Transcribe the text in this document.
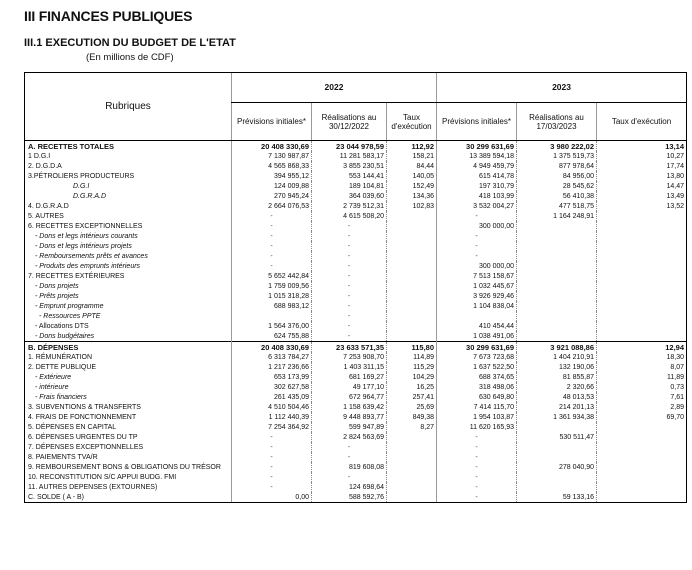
III FINANCES PUBLIQUES
III.1 EXECUTION DU BUDGET DE L'ETAT
(En millions de CDF)
Rubriques	2022			2023		
	Prévisions initiales*	Réalisations au 30/12/2022	Taux d'exécution	Prévisions initiales*	Réalisations au 17/03/2023	Taux d'exécution
A. RECETTES TOTALES	20 408 330,69	23 044 978,59	112,92	30 299 631,69	3 980 222,02	13,14
1 D.G.I	7 130 987,87	11 281 583,17	158,21	13 389 594,18	1 375 519,73	10,27
2. D.G.D.A	4 565 868,33	3 855 230,51	84,44	4 949 459,79	877 978,64	17,74
3.PÉTROLIERS PRODUCTEURS	394 955,12	553 144,41	140,05	615 414,78	84 956,00	13,80
D.G.I	124 009,88	189 104,81	152,49	197 310,79	28 545,62	14,47
D.G.R.A.D	270 945,24	364 039,60	134,36	418 103,99	56 410,38	13,49
4. D.G.R.A.D	2 664 076,53	2 739 512,31	102,83	3 532 004,27	477 518,75	13,52
5. AUTRES	-	4 615 508,20		-	1 164 248,91	
6. RECETTES EXCEPTIONNELLES	-	-		300 000,00		
- Dons et legs intérieurs courants	-	-		-		
- Dons et legs intérieurs projets	-	-		-		
- Remboursements prêts et avances	-	-		-		
- Produits des emprunts intérieurs	-	-		300 000,00		
7. RECETTES EXTÉRIEURES	5 652 442,84	-		7 513 158,67		
- Dons projets	1 759 009,56	-		1 032 445,67		
- Prêts projets	1 015 318,28	-		3 926 929,46		
- Emprunt programme	688 983,12	-		1 104 838,04		
- Ressources PPTE		-				
- Allocations DTS	1 564 376,00	-		410 454,44		
- Dons budgétaires	624 755,88	-		1 038 491,06		
B. DÉPENSES	20 408 330,69	23 633 571,35	115,80	30 299 631,69	3 921 088,86	12,94
1. RÉMUNÉRATION	6 313 784,27	7 253 908,70	114,89	7 673 723,68	1 404 210,91	18,30
2. DETTE PUBLIQUE	1 217 236,66	1 403 311,15	115,29	1 637 522,50	132 190,06	8,07
- Extérieure	653 173,99	681 169,27	104,29	688 374,65	81 855,87	11,89
- intérieure	302 627,58	49 177,10	16,25	318 498,06	2 320,66	0,73
- Frais financiers	261 435,09	672 964,77	257,41	630 649,80	48 013,53	7,61
3. SUBVENTIONS & TRANSFERTS	4 510 504,46	1 158 639,42	25,69	7 414 115,70	214 201,13	2,89
4. FRAIS DE FONCTIONNEMENT	1 112 440,39	9 448 893,77	849,38	1 954 103,87	1 361 934,38	69,70
5. DÉPENSES EN CAPITAL	7 254 364,92	599 947,89	8,27	11 620 165,93		
6. DÉPENSES URGENTES DU TP	-	2 824 563,69		-	530 511,47	
7. DÉPENSES EXCEPTIONNELLES	-	-		-		
8. PAIEMENTS TVA/R	-	-		-		
9. REMBOURSEMENT BONS & OBLIGATIONS DU TRÉSOR	-	819 608,08		-	278 040,90	
10. RECONSTITUTION S/C APPUI BUDG. FMI	-	-		-		
11. AUTRES DEPENSES (EXTOURNES)	-	124 698,64		-		
C. SOLDE ( A - B)	0,00	588 592,76		-	59 133,16	
